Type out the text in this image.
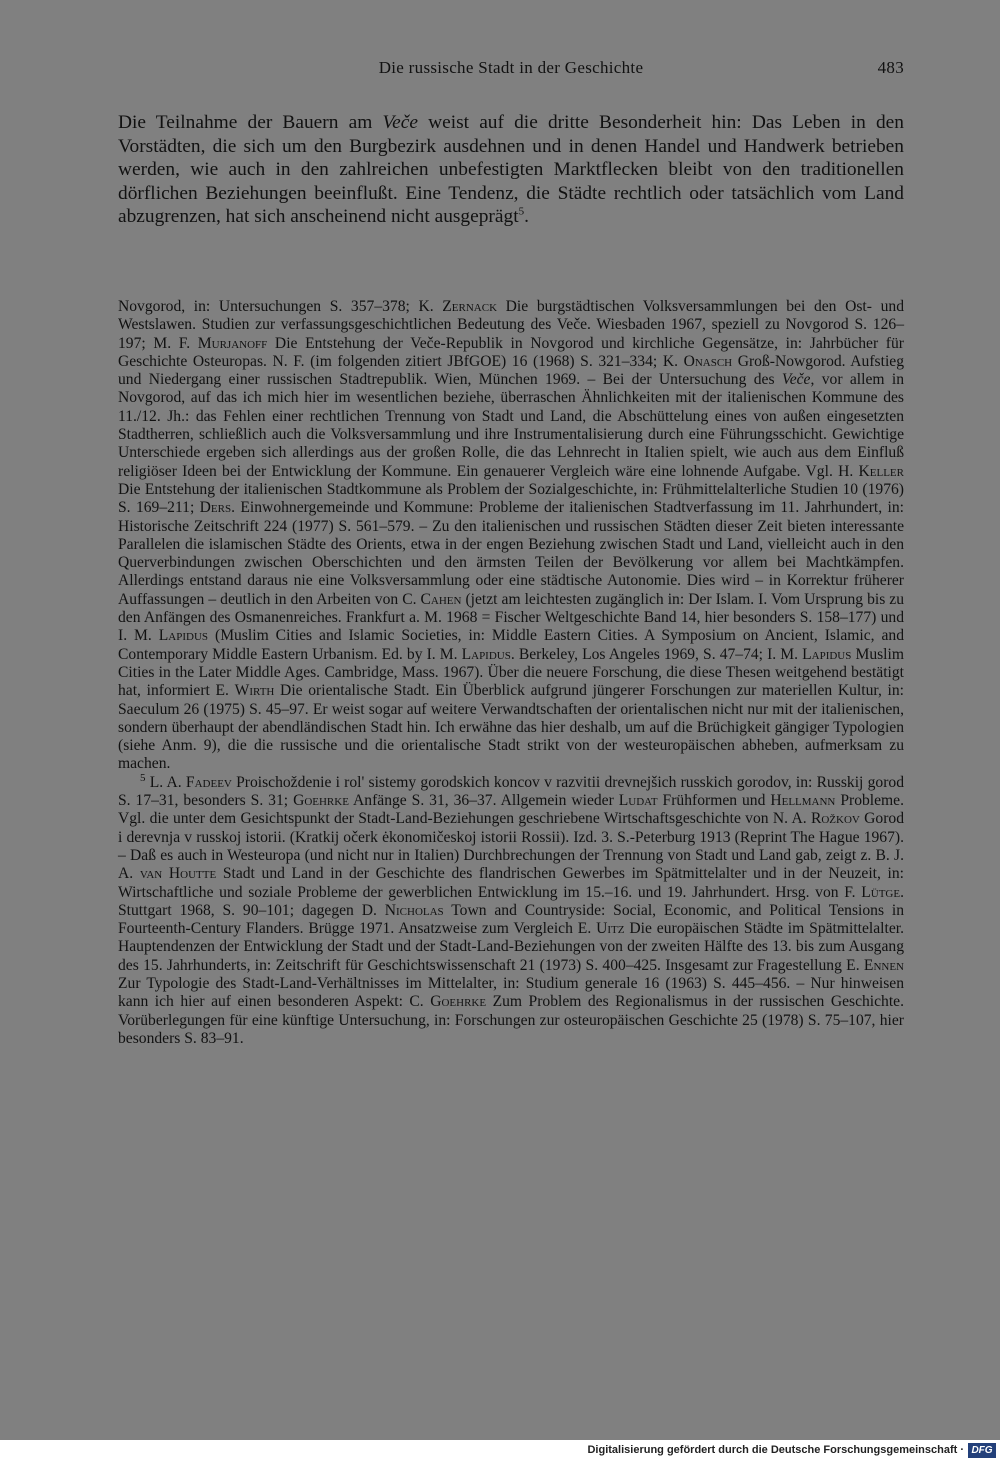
Die russische Stadt in der Geschichte	483

Die Teilnahme der Bauern am Veče weist auf die dritte Besonderheit hin: Das Leben in den Vorstädten, die sich um den Burgbezirk ausdehnen und in denen Handel und Handwerk betrieben werden, wie auch in den zahlreichen unbefestigten Marktflecken bleibt von den traditionellen dörflichen Beziehungen beeinflußt. Eine Tendenz, die Städte rechtlich oder tatsächlich vom Land abzugrenzen, hat sich anscheinend nicht ausgeprägt$^5$.

Novgorod, in: Untersuchungen S. 357–378; K. Zernack Die burgstädtischen Volksversammlungen bei den Ost- und Westslawen. Studien zur verfassungsgeschichtlichen Bedeutung des Veče. Wiesbaden 1967, speziell zu Novgorod S. 126–197; M. F. Murjanoff Die Entstehung der Veče-Republik in Novgorod und kirchliche Gegensätze, in: Jahrbücher für Geschichte Osteuropas. N. F. (im folgenden zitiert JBfGOE) 16 (1968) S. 321–334; K. Onasch Groß-Nowgorod. Aufstieg und Niedergang einer russischen Stadtrepublik. Wien, München 1969. – Bei der Untersuchung des Veče, vor allem in Novgorod, auf das ich mich hier im wesentlichen beziehe, überraschen Ähnlichkeiten mit der italienischen Kommune des 11./12. Jh.: das Fehlen einer rechtlichen Trennung von Stadt und Land, die Abschüttelung eines von außen eingesetzten Stadtherren, schließlich auch die Volksversammlung und ihre Instrumentalisierung durch eine Führungsschicht. Gewichtige Unterschiede ergeben sich allerdings aus der großen Rolle, die das Lehnrecht in Italien spielt, wie auch aus dem Einfluß religiöser Ideen bei der Entwicklung der Kommune. Ein genauerer Vergleich wäre eine lohnende Aufgabe. Vgl. H. Keller Die Entstehung der italienischen Stadtkommune als Problem der Sozialgeschichte, in: Frühmittelalterliche Studien 10 (1976) S. 169–211; Ders. Einwohnergemeinde und Kommune: Probleme der italienischen Stadtverfassung im 11. Jahrhundert, in: Historische Zeitschrift 224 (1977) S. 561–579. – Zu den italienischen und russischen Städten dieser Zeit bieten interessante Parallelen die islamischen Städte des Orients, etwa in der engen Beziehung zwischen Stadt und Land, vielleicht auch in den Querverbindungen zwischen Oberschichten und den ärmsten Teilen der Bevölkerung vor allem bei Machtkämpfen. Allerdings entstand daraus nie eine Volksversammlung oder eine städtische Autonomie. Dies wird – in Korrektur früherer Auffassungen – deutlich in den Arbeiten von C. Cahen (jetzt am leichtesten zugänglich in: Der Islam. I. Vom Ursprung bis zu den Anfängen des Osmanenreiches. Frankfurt a. M. 1968 = Fischer Weltgeschichte Band 14, hier besonders S. 158–177) und I. M. Lapidus (Muslim Cities and Islamic Societies, in: Middle Eastern Cities. A Symposium on Ancient, Islamic, and Contemporary Middle Eastern Urbanism. Ed. by I. M. Lapidus. Berkeley, Los Angeles 1969, S. 47–74; I. M. Lapidus Muslim Cities in the Later Middle Ages. Cambridge, Mass. 1967). Über die neuere Forschung, die diese Thesen weitgehend bestätigt hat, informiert E. Wirth Die orientalische Stadt. Ein Überblick aufgrund jüngerer Forschungen zur materiellen Kultur, in: Saeculum 26 (1975) S. 45–97. Er weist sogar auf weitere Verwandtschaften der orientalischen nicht nur mit der italienischen, sondern überhaupt der abendländischen Stadt hin. Ich erwähne das hier deshalb, um auf die Brüchigkeit gängiger Typologien (siehe Anm. 9), die die russische und die orientalische Stadt strikt von der westeuropäischen abheben, aufmerksam zu machen.

$^5$ L. A. Fadeev Proischoždenie i rol' sistemy gorodskich koncov v razvitii drevnejšich russkich gorodov, in: Russkij gorod S. 17–31, besonders S. 31; Goehrke Anfänge S. 31, 36–37. Allgemein wieder Ludat Frühformen und Hellmann Probleme. Vgl. die unter dem Gesichtspunkt der Stadt-Land-Beziehungen geschriebene Wirtschaftsgeschichte von N. A. Rožkov Gorod i derevnja v russkoj istorii. (Kratkij očerk ėkonomičeskoj istorii Rossii). Izd. 3. S.-Peterburg 1913 (Reprint The Hague 1967). – Daß es auch in Westeuropa (und nicht nur in Italien) Durchbrechungen der Trennung von Stadt und Land gab, zeigt z. B. J. A. van Houtte Stadt und Land in der Geschichte des flandrischen Gewerbes im Spätmittelalter und in der Neuzeit, in: Wirtschaftliche und soziale Probleme der gewerblichen Entwicklung im 15.–16. und 19. Jahrhundert. Hrsg. von F. Lütge. Stuttgart 1968, S. 90–101; dagegen D. Nicholas Town and Countryside: Social, Economic, and Political Tensions in Fourteenth-Century Flanders. Brügge 1971. Ansatzweise zum Vergleich E. Uitz Die europäischen Städte im Spätmittelalter. Hauptendenzen der Entwicklung der Stadt und der Stadt-Land-Beziehungen von der zweiten Hälfte des 13. bis zum Ausgang des 15. Jahrhunderts, in: Zeitschrift für Geschichtswissenschaft 21 (1973) S. 400–425. Insgesamt zur Fragestellung E. Ennen Zur Typologie des Stadt-Land-Verhältnisses im Mittelalter, in: Studium generale 16 (1963) S. 445–456. – Nur hinweisen kann ich hier auf einen besonderen Aspekt: C. Goehrke Zum Problem des Regionalismus in der russischen Geschichte. Vorüberlegungen für eine künftige Untersuchung, in: Forschungen zur osteuropäischen Geschichte 25 (1978) S. 75–107, hier besonders S. 83–91.

Digitalisierung gefördert durch die Deutsche Forschungsgemeinschaft · DFG
